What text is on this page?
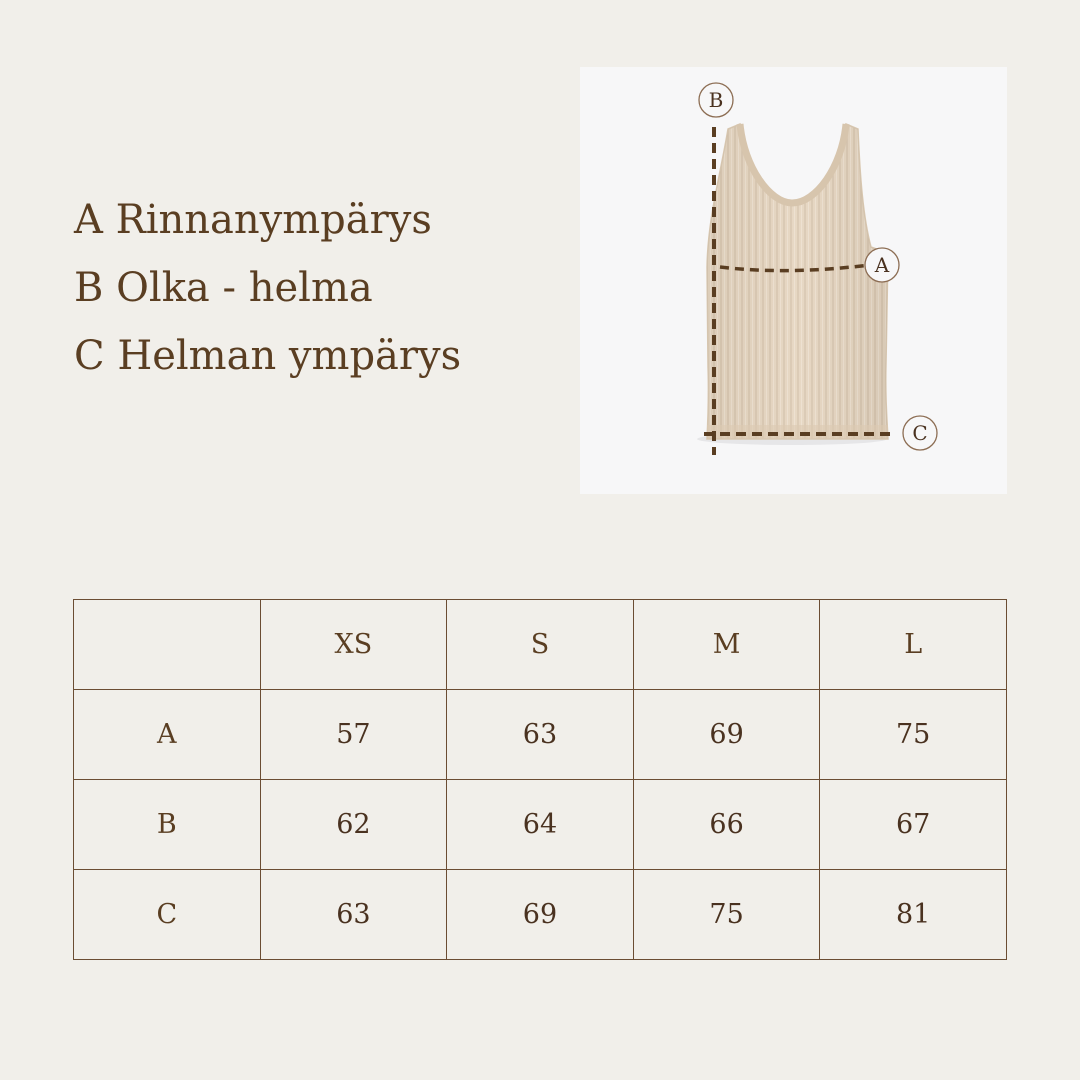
A Rinnanympärys
B Olka - helma
C Helman ympärys
B
A
C
	XS	S	M	L
A	57	63	69	75
B	62	64	66	67
C	63	69	75	81
